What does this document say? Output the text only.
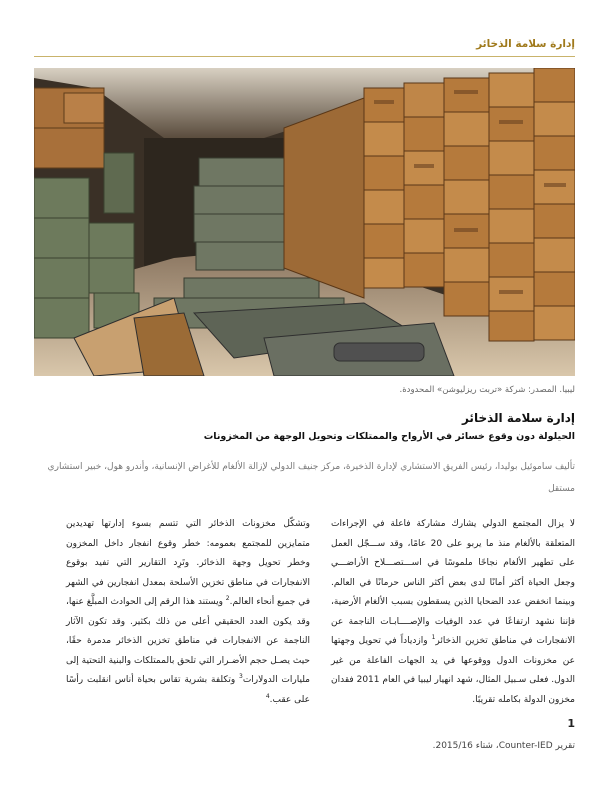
إدارة سلامة الذخائر
ليبيا. المصدر: شركة «تربت ريزليوشن» المحدودة.
إدارة سلامة الذخائر
الحيلولة دون وقوع خسائر في الأرواح والممتلكات وتحويل الوجهة من المخزونات
تأليف ساموئيل بوليدا، رئيس الفريق الاستشاري لإدارة الذخيرة، مركز جنيف الدولي لإزالة الألغام للأغراض الإنسانية، وأندرو هول، خبير استشاري مستقل
لا يزال المجتمع الدولي يشارك مشاركة فاعلة في الإجراءات المتعلقة بالألغام منذ ما يربو على 20 عامًا، وقد ســـجّل العمل على تطهير الألغام نجاحًا ملموسًا في اســـتصـــلاح الأراضـــي وجعل الحياة أكثر أمانًا لدى بعض أكثر الناس حرمانًا في العالم. وبينما انخفض عدد الضحايا الذين يسقطون بسبب الألغام الأرضية، فإننا نشهد ارتفاعًا في عدد الوفيات والإصــــابـات الناجمة عن الانفجارات في مناطق تخزين الذخائر$^1$ وازدياداً في تحويل وجهتها عن مخزونات الدول ووقوعها في يد الجهات الفاعلة من غير الدول. فعلى سـبيل المثال، شهد انهيار ليبيا في العام 2011 فقدان مخزون الدولة بكامله تقريبًا.
وتشكّل مخزونات الذخائر التي تتسم بسوء إدارتها تهديدين متمايزين للمجتمع بعمومه: خطر وقوع انفجار داخل المخزون وخطر تحويل وجهة الذخائر. وتَرِد التقارير التي تفيد بوقوع الانفجارات في مناطق تخزين الأسلحة بمعدل انفجارين في الشهر في جميع أنحاء العالم.$^2$ ويستند هذا الرقم إلى الحوادث المبلَّغ عنها، وقد يكون العدد الحقيقي أعلى من ذلك بكثير. وقد تكون الآثار الناجمة عن الانفجارات في مناطق تخزين الذخائر مدمرة حقًا، حيث يصـل حجم الأضـرار التي تلحق بالممتلكات والبنية التحتية إلى مليارات الدولارات$^3$ وتكلفة بشرية تقاس بحياة أناس انقلبت رأسًا على عقب.$^4$
1
تقرير Counter-IED، شتاء 2015/16.
